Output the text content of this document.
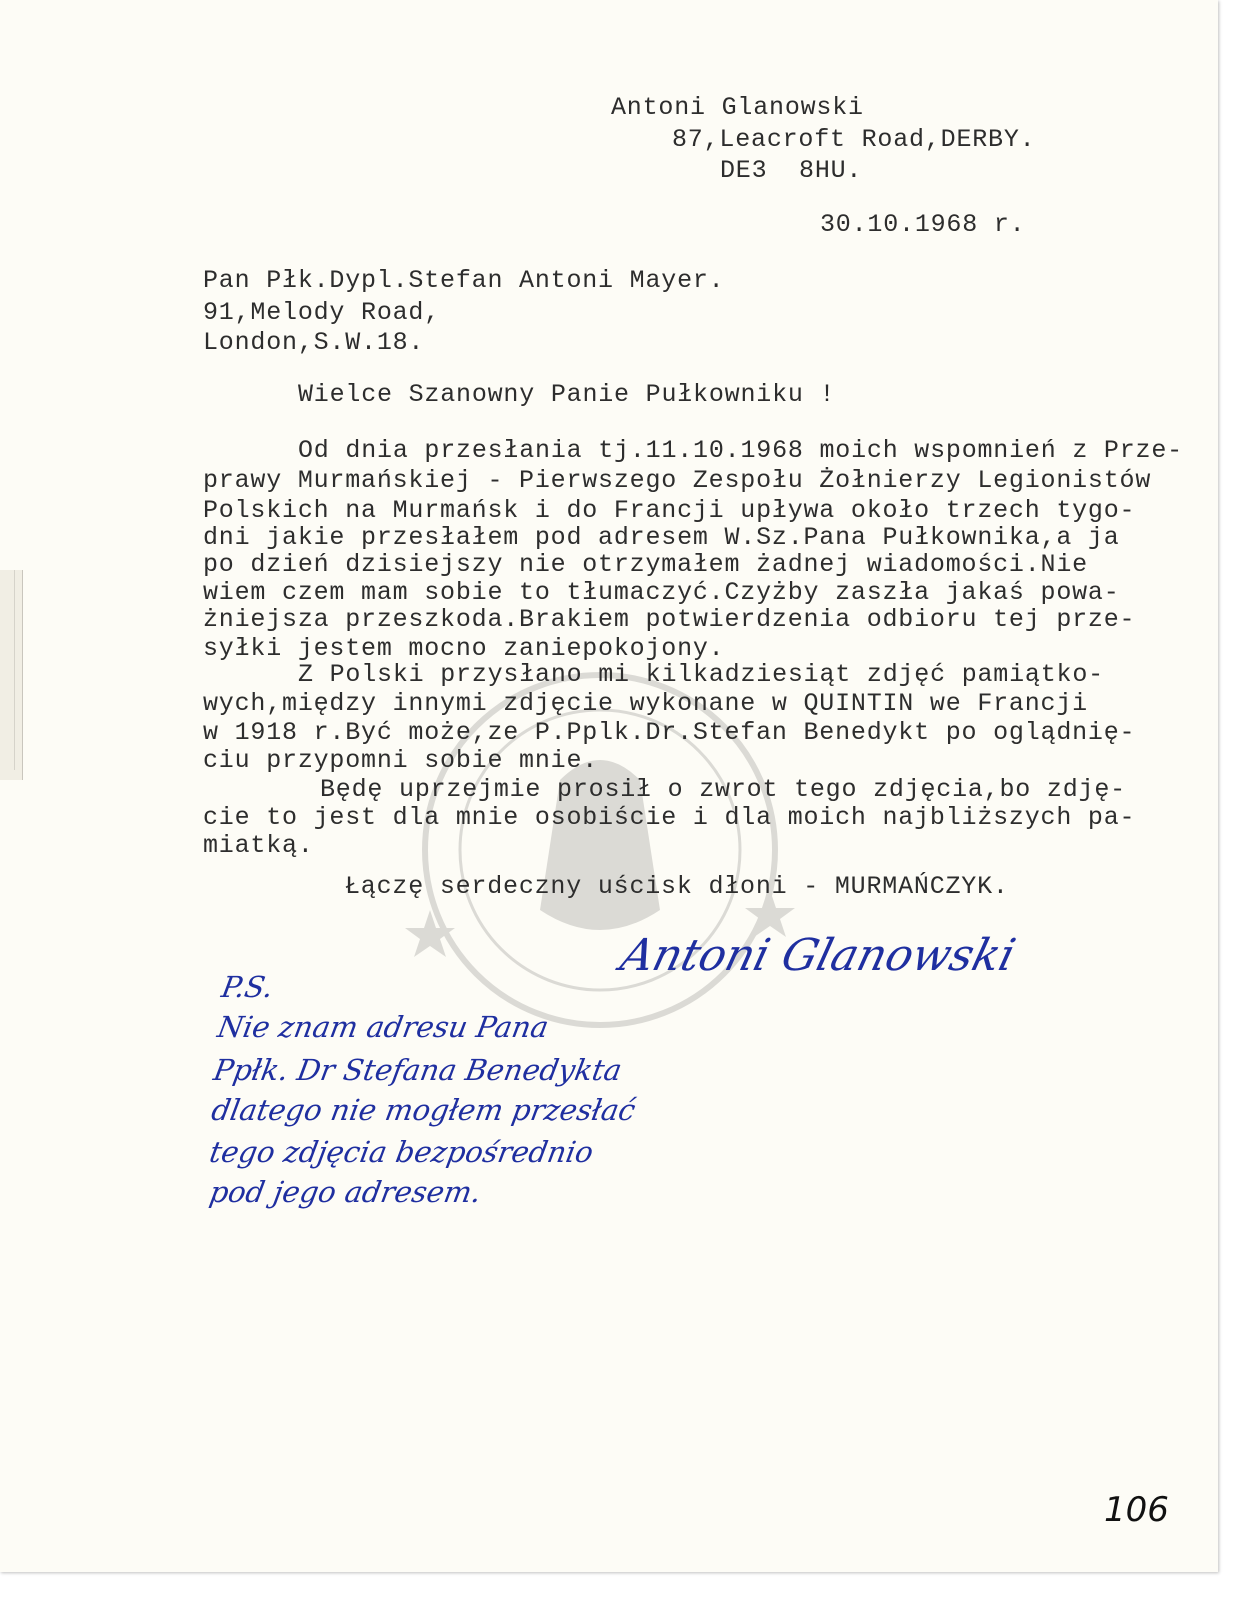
Antoni Glanowski
87,Leacroft Road,DERBY.
DE3  8HU.
30.10.1968 r.
Pan Płk.Dypl.Stefan Antoni Mayer.
91,Melody Road,
London,S.W.18.
Wielce Szanowny Panie Pułkowniku !
Od dnia przesłania tj.11.10.1968 moich wspomnień z Prze-
prawy Murmańskiej - Pierwszego Zespołu Żołnierzy Legionistów
Polskich na Murmańsk i do Francji upływa około trzech tygo-
dni jakie przesłałem pod adresem W.Sz.Pana Pułkownika,a ja
po dzień dzisiejszy nie otrzymałem żadnej wiadomości.Nie
wiem czem mam sobie to tłumaczyć.Czyżby zaszła jakaś powa-
żniejsza przeszkoda.Brakiem potwierdzenia odbioru tej prze-
syłki jestem mocno zaniepokojony.
Z Polski przysłano mi kilkadziesiąt zdjęć pamiątko-
wych,między innymi zdjęcie wykonane w QUINTIN we Francji
w 1918 r.Być może,ze P.Pplk.Dr.Stefan Benedykt po oglądnię-
ciu przypomni sobie mnie.
Będę uprzejmie prosił o zwrot tego zdjęcia,bo zdję-
cie to jest dla mnie osobiście i dla moich najbliższych pa-
miatką.
Łączę serdeczny uścisk dłoni - MURMAŃCZYK.
Antoni Glanowski
P.S.
Nie znam adresu Pana
Ppłk. Dr Stefana Benedykta
dlatego nie mogłem przesłać
tego zdjęcia bezpośrednio
pod jego adresem.
106
